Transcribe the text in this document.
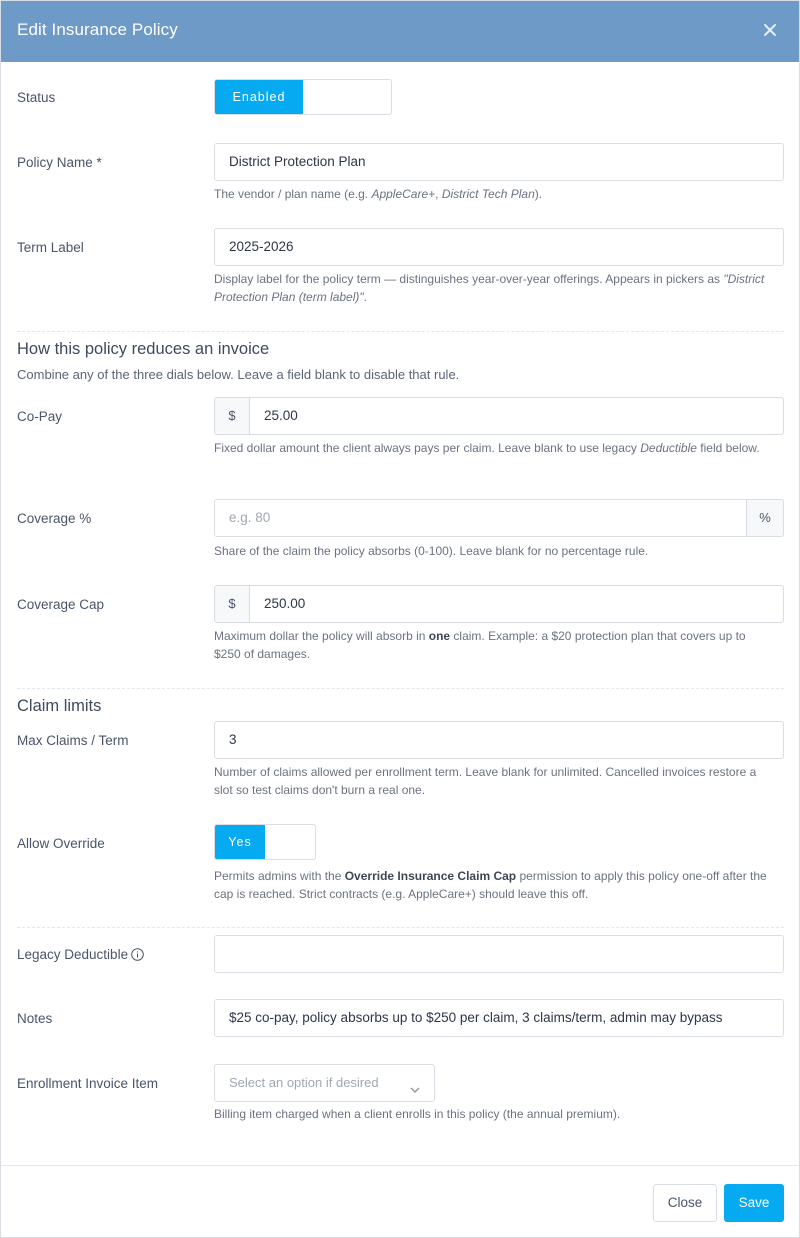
Edit Insurance Policy
Status	Enabled
Policy Name *	District Protection Plan
The vendor / plan name (e.g. AppleCare+, District Tech Plan).
Term Label	2025-2026
Display label for the policy term — distinguishes year-over-year offerings. Appears in pickers as "District Protection Plan (term label)".
How this policy reduces an invoice
Combine any of the three dials below. Leave a field blank to disable that rule.
Co-Pay	$	25.00
Fixed dollar amount the client always pays per claim. Leave blank to use legacy Deductible field below.
Coverage %	e.g. 80	%
Share of the claim the policy absorbs (0-100). Leave blank for no percentage rule.
Coverage Cap	$	250.00
Maximum dollar the policy will absorb in one claim. Example: a $20 protection plan that covers up to $250 of damages.
Claim limits
Max Claims / Term	3
Number of claims allowed per enrollment term. Leave blank for unlimited. Cancelled invoices restore a slot so test claims don't burn a real one.
Allow Override	Yes
Permits admins with the Override Insurance Claim Cap permission to apply this policy one-off after the cap is reached. Strict contracts (e.g. AppleCare+) should leave this off.
Legacy Deductible
Notes	$25 co-pay, policy absorbs up to $250 per claim, 3 claims/term, admin may bypass
Enrollment Invoice Item	Select an option if desired
Billing item charged when a client enrolls in this policy (the annual premium).
Close	Save
